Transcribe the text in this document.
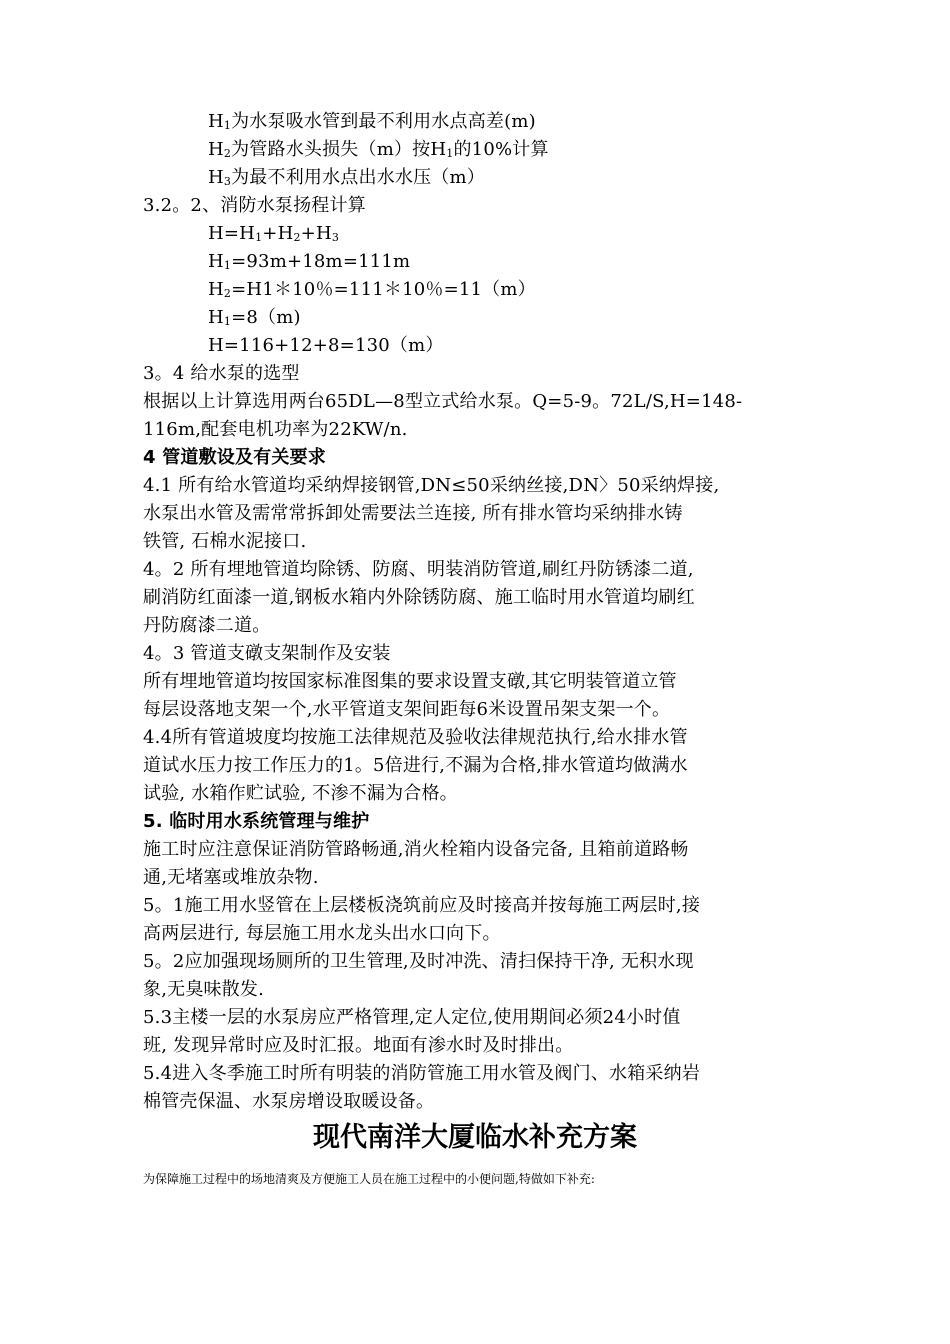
$H_1$为水泵吸水管到最不利用水点高差(m)
$H_2$为管路水头损失（m）按$H_1$的10%计算
$H_3$为最不利用水点出水水压（m）
3.2。2、消防水泵扬程计算
$H=H_1+H_2+H_3$
$H_1=93m+18m=111m$
$H_2=H1*10$％=111＊10％=11（m）
$H_1=8(m)$
H=116+12+8=130（m）
3。4 给水泵的选型
根据以上计算选用两台65DL—8型立式给水泵。Q=5-9。72L/S,H=148-
116m,配套电机功率为22KW/n.
4 管道敷设及有关要求
4.1 所有给水管道均采纳焊接钢管,DN≤50采纳丝接,DN〉50采纳焊接,
水泵出水管及需常常拆卸处需要法兰连接, 所有排水管均采纳排水铸
铁管, 石棉水泥接口.
4。2 所有埋地管道均除锈、防腐、明装消防管道,刷红丹防锈漆二道,
刷消防红面漆一道,钢板水箱内外除锈防腐、施工临时用水管道均刷红
丹防腐漆二道。
4。3 管道支礅支架制作及安装
所有埋地管道均按国家标准图集的要求设置支礅,其它明装管道立管
每层设落地支架一个,水平管道支架间距每6米设置吊架支架一个。
4.4所有管道坡度均按施工法律规范及验收法律规范执行,给水排水管
道试水压力按工作压力的1。5倍进行,不漏为合格,排水管道均做满水
试验, 水箱作贮试验, 不渗不漏为合格。
5. 临时用水系统管理与维护
施工时应注意保证消防管路畅通,消火栓箱内设备完备, 且箱前道路畅
通,无堵塞或堆放杂物.
5。1施工用水竖管在上层楼板浇筑前应及时接高并按每施工两层时,接
高两层进行, 每层施工用水龙头出水口向下。
5。2应加强现场厕所的卫生管理,及时冲洗、清扫保持干净, 无积水现
象,无臭味散发.
5.3主楼一层的水泵房应严格管理,定人定位,使用期间必须24小时值
班, 发现异常时应及时汇报。地面有渗水时及时排出。
5.4进入冬季施工时所有明装的消防管施工用水管及阀门、水箱采纳岩
棉管壳保温、水泵房增设取暖设备。
现代南洋大厦临水补充方案
为保障施工过程中的场地清爽及方便施工人员在施工过程中的小便问题,特做如下补充:
